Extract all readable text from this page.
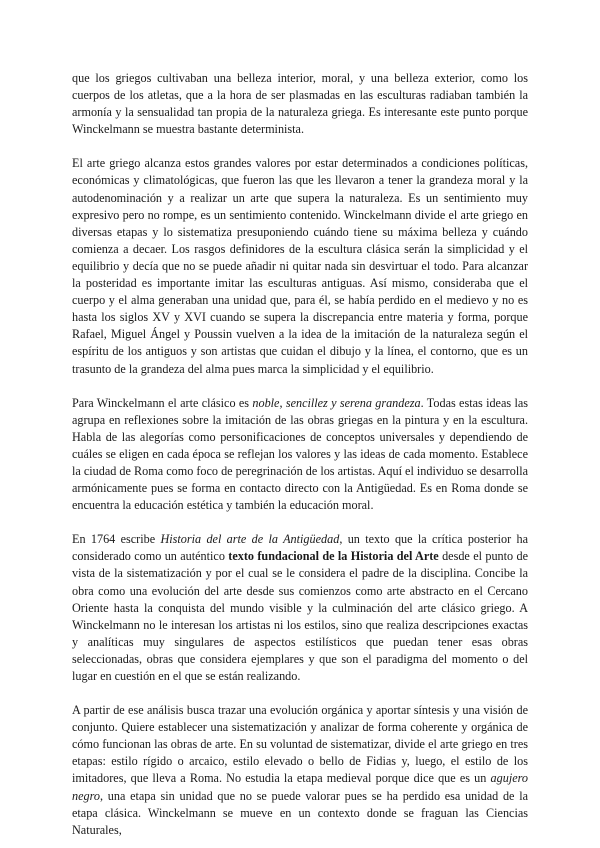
que los griegos cultivaban una belleza interior, moral, y una belleza exterior, como los cuerpos de los atletas, que a la hora de ser plasmadas en las esculturas radiaban también la armonía y la sensualidad tan propia de la naturaleza griega. Es interesante este punto porque Winckelmann se muestra bastante determinista.

El arte griego alcanza estos grandes valores por estar determinados a condiciones políticas, económicas y climatológicas, que fueron las que les llevaron a tener la grandeza moral y la autodenominación y a realizar un arte que supera la naturaleza. Es un sentimiento muy expresivo pero no rompe, es un sentimiento contenido. Winckelmann divide el arte griego en diversas etapas y lo sistematiza presuponiendo cuándo tiene su máxima belleza y cuándo comienza a decaer. Los rasgos definidores de la escultura clásica serán la simplicidad y el equilibrio y decía que no se puede añadir ni quitar nada sin desvirtuar el todo. Para alcanzar la posteridad es importante imitar las esculturas antiguas. Así mismo, consideraba que el cuerpo y el alma generaban una unidad que, para él, se había perdido en el medievo y no es hasta los siglos XV y XVI cuando se supera la discrepancia entre materia y forma, porque Rafael, Miguel Ángel y Poussin vuelven a la idea de la imitación de la naturaleza según el espíritu de los antiguos y son artistas que cuidan el dibujo y la línea, el contorno, que es un trasunto de la grandeza del alma pues marca la simplicidad y el equilibrio.

Para Winckelmann el arte clásico es noble, sencillez y serena grandeza. Todas estas ideas las agrupa en reflexiones sobre la imitación de las obras griegas en la pintura y en la escultura. Habla de las alegorías como personificaciones de conceptos universales y dependiendo de cuáles se eligen en cada época se reflejan los valores y las ideas de cada momento. Establece la ciudad de Roma como foco de peregrinación de los artistas. Aquí el individuo se desarrolla armónicamente pues se forma en contacto directo con la Antigüedad. Es en Roma donde se encuentra la educación estética y también la educación moral.

En 1764 escribe Historia del arte de la Antigüedad, un texto que la crítica posterior ha considerado como un auténtico texto fundacional de la Historia del Arte desde el punto de vista de la sistematización y por el cual se le considera el padre de la disciplina. Concibe la obra como una evolución del arte desde sus comienzos como arte abstracto en el Cercano Oriente hasta la conquista del mundo visible y la culminación del arte clásico griego. A Winckelmann no le interesan los artistas ni los estilos, sino que realiza descripciones exactas y analíticas muy singulares de aspectos estilísticos que puedan tener esas obras seleccionadas, obras que considera ejemplares y que son el paradigma del momento o del lugar en cuestión en el que se están realizando.

A partir de ese análisis busca trazar una evolución orgánica y aportar síntesis y una visión de conjunto. Quiere establecer una sistematización y analizar de forma coherente y orgánica de cómo funcionan las obras de arte. En su voluntad de sistematizar, divide el arte griego en tres etapas: estilo rígido o arcaico, estilo elevado o bello de Fidias y, luego, el estilo de los imitadores, que lleva a Roma. No estudia la etapa medieval porque dice que es un agujero negro, una etapa sin unidad que no se puede valorar pues se ha perdido esa unidad de la etapa clásica. Winckelmann se mueve en un contexto donde se fraguan las Ciencias Naturales,
